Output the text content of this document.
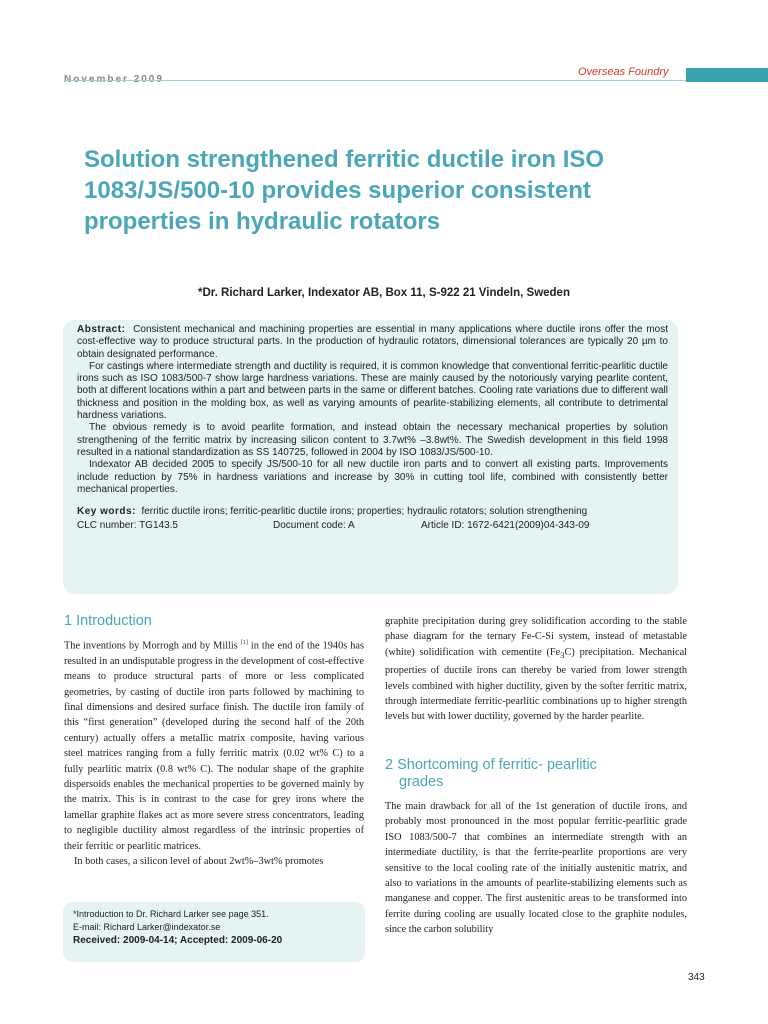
Overseas Foundry
Solution strengthened ferritic ductile iron ISO 1083/JS/500-10 provides superior consistent properties in hydraulic rotators
*Dr. Richard Larker, Indexator AB, Box 11, S-922 21 Vindeln, Sweden

Abstract: Consistent mechanical and machining properties are essential in many applications where ductile irons offer the most cost-effective way to produce structural parts. In the production of hydraulic rotators, dimensional tolerances are typically 20 µm to obtain designated performance.

For castings where intermediate strength and ductility is required, it is common knowledge that conventional ferritic-pearlitic ductile irons such as ISO 1083/500-7 show large hardness variations. These are mainly caused by the notoriously varying pearlite content, both at different locations within a part and between parts in the same or different batches. Cooling rate variations due to different wall thickness and position in the molding box, as well as varying amounts of pearlite-stabilizing elements, all contribute to detrimental hardness variations.

The obvious remedy is to avoid pearlite formation, and instead obtain the necessary mechanical properties by solution strengthening of the ferritic matrix by increasing silicon content to 3.7wt% –3.8wt%. The Swedish development in this field 1998 resulted in a national standardization as SS 140725, followed in 2004 by ISO 1083/JS/500-10.

Indexator AB decided 2005 to specify JS/500-10 for all new ductile iron parts and to convert all existing parts. Improvements include reduction by 75% in hardness variations and increase by 30% in cutting tool life, combined with consistently better mechanical properties.

Key words: ferritic ductile irons; ferritic-pearlitic ductile irons; properties; hydraulic rotators; solution strengthening

CLC number: TG143.5	Document code: A	Article ID: 1672-6421(2009)04-343-09
1 Introduction

The inventions by Morrogh and by Millis [1] in the end of the 1940s has resulted in an undisputable progress in the development of cost-effective means to produce structural parts of more or less complicated geometries, by casting of ductile iron parts followed by machining to final dimensions and desired surface finish. The ductile iron family of this “first generation” (developed during the second half of the 20th century) actually offers a metallic matrix composite, having various steel matrices ranging from a fully ferritic matrix (0.02 wt% C) to a fully pearlitic matrix (0.8 wt% C). The nodular shape of the graphite dispersoids enables the mechanical properties to be governed mainly by the matrix. This is in contrast to the case for grey irons where the lamellar graphite flakes act as more severe stress concentrators, leading to negligible ductility almost regardless of the intrinsic properties of their ferritic or pearlitic matrices.

In both cases, a silicon level of about 2wt%–3wt% promotes

graphite precipitation during grey solidification according to the stable phase diagram for the ternary Fe-C-Si system, instead of metastable (white) solidification with cementite $(Fe_3C)$ precipitation. Mechanical properties of ductile irons can thereby be varied from lower strength levels combined with higher ductility, given by the softer ferritic matrix, through intermediate ferritic-pearlitic combinations up to higher strength levels but with lower ductility, governed by the harder pearlite.

2 Shortcoming of ferritic- pearlitic
grades

The main drawback for all of the 1st generation of ductile irons, and probably most pronounced in the most popular ferritic-pearlitic grade ISO 1083/500-7 that combines an intermediate strength with an intermediate ductility, is that the ferrite-pearlite proportions are very sensitive to the local cooling rate of the initially austenitic matrix, and also to variations in the amounts of pearlite-stabilizing elements such as manganese and copper. The first austenitic areas to be transformed into ferrite during cooling are usually located close to the graphite nodules, since the carbon solubility

*Introduction to Dr. Richard Larker see page 351.
E-mail: Richard Larker@indexator.se
Received: 2009-04-14; Accepted: 2009-06-20
343
